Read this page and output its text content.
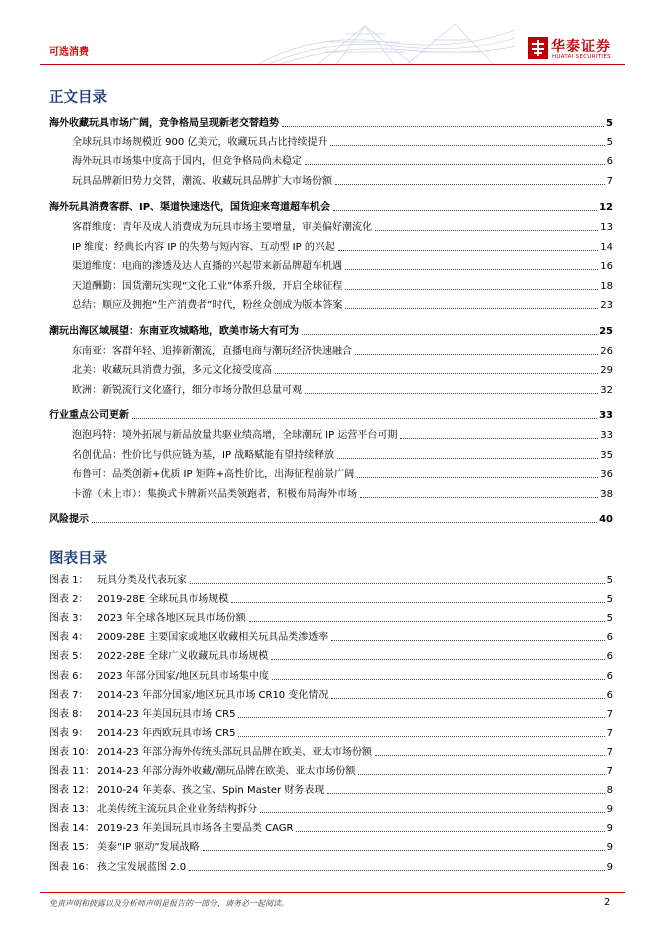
可选消费	华泰证券
HUATAI SECURITIES
正文目录
海外收藏玩具市场广阔，竞争格局呈现新老交替趋势	5
全球玩具市场规模近 900 亿美元，收藏玩具占比持续提升	5
海外玩具市场集中度高于国内，但竞争格局尚未稳定	6
玩具品牌新旧势力交替，潮流、收藏玩具品牌扩大市场份额	7
海外玩具消费客群、IP、渠道快速迭代，国货迎来弯道超车机会	12
客群维度：青年及成人消费成为玩具市场主要增量，审美偏好潮流化	13
IP 维度：经典长内容 IP 的失势与短内容、互动型 IP 的兴起	14
渠道维度：电商的渗透及达人直播的兴起带来新品牌超车机遇	16
天道酬勤：国货潮玩实现“文化工业”体系升级，开启全球征程	18
总结：顺应及拥抱“生产消费者”时代，粉丝众创成为版本答案	23
潮玩出海区域展望：东南亚攻城略地，欧美市场大有可为	25
东南亚：客群年轻、追捧新潮流，直播电商与潮玩经济快速融合	26
北美：收藏玩具消费力强，多元文化接受度高	29
欧洲：新锐流行文化盛行，细分市场分散但总量可观	32
行业重点公司更新	33
泡泡玛特：境外拓展与新品放量共驱业绩高增，全球潮玩 IP 运营平台可期	33
名创优品：性价比与供应链为基，IP 战略赋能有望持续释放	35
布鲁可：品类创新+优质 IP 矩阵+高性价比，出海征程前景广阔	36
卡游（未上市）：集换式卡牌新兴品类领跑者，积极布局海外市场	38
风险提示	40
图表目录
图表 1： 玩具分类及代表玩家	5
图表 2： 2019-28E 全球玩具市场规模	5
图表 3： 2023 年全球各地区玩具市场份额	5
图表 4： 2009-28E 主要国家或地区收藏相关玩具品类渗透率	6
图表 5： 2022-28E 全球广义收藏玩具市场规模	6
图表 6： 2023 年部分国家/地区玩具市场集中度	6
图表 7： 2014-23 年部分国家/地区玩具市场 CR10 变化情况	6
图表 8： 2014-23 年美国玩具市场 CR5	7
图表 9： 2014-23 年西欧玩具市场 CR5	7
图表 10： 2014-23 年部分海外传统头部玩具品牌在欧美、亚太市场份额	7
图表 11： 2014-23 年部分海外收藏/潮玩品牌在欧美、亚太市场份额	7
图表 12： 2010-24 年美泰、孩之宝、Spin Master 财务表现	8
图表 13： 北美传统主流玩具企业业务结构拆分	9
图表 14： 2019-23 年美国玩具市场各主要品类 CAGR	9
图表 15： 美泰“IP 驱动”发展战略	9
图表 16： 孩之宝发展蓝图 2.0	9
免责声明和披露以及分析师声明是报告的一部分，请务必一起阅读。	2
